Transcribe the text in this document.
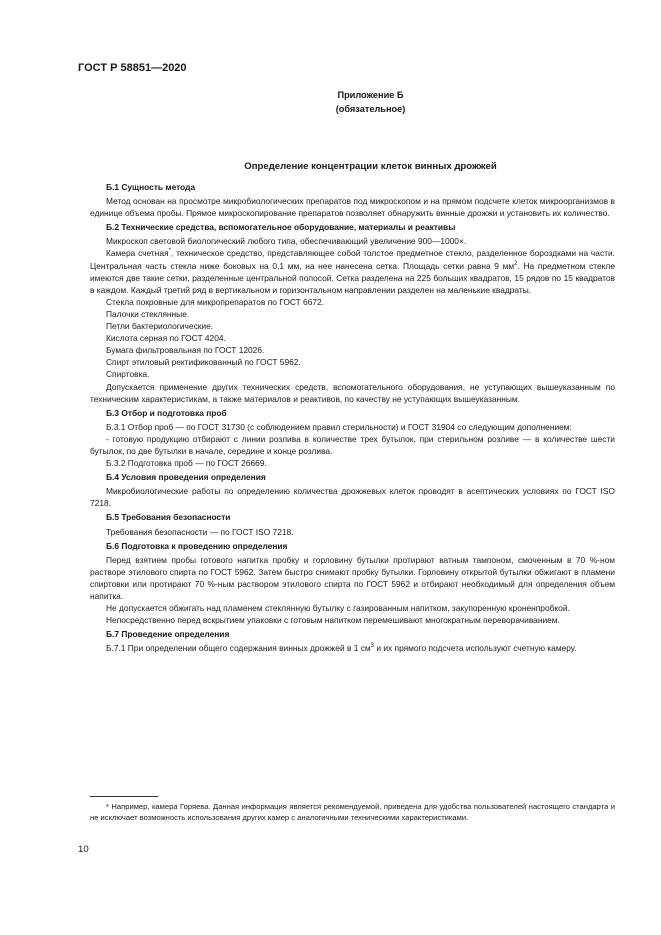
ГОСТ Р 58851—2020
Приложение Б
(обязательное)
Определение концентрации клеток винных дрожжей

Б.1 Сущность метода

Метод основан на просмотре микробиологических препаратов под микроскопом и на прямом подсчете клеток микроорганизмов в единице объема пробы. Прямое микроскопирование препаратов позволяет обнаружить винные дрожжи и установить их количество.

Б.2 Технические средства, вспомогательное оборудование, материалы и реактивы

Микроскоп световой биологический любого типа, обеспечивающий увеличение 900—1000×.

Камера счетная*, техническое средство, представляющее собой толстое предметное стекло, разделенное бороздками на части. Центральная часть стекла ниже боковых на 0,1 мм, на нее нанесена сетка. Площадь сетки равна 9 $мм^2$. На предметном стекле имеются две такие сетки, разделенные центральной полосой. Сетка разделена на 225 больших квадратов, 15 рядов по 15 квадратов в каждом. Каждый третий ряд в вертикальном и горизонтальном направлении разделен на маленькие квадраты.

Стекла покровные для микропрепаратов по ГОСТ 6672.

Палочки стеклянные.

Петли бактериологические.

Кислота серная по ГОСТ 4204.

Бумага фильтровальная по ГОСТ 12026.

Спирт этиловый ректификованный по ГОСТ 5962.

Спиртовка.

Допускается применение других технических средств, вспомогательного оборудования, не уступающих вышеуказанным по техническим характеристикам, а также материалов и реактивов, по качеству не уступающих вышеуказанным.

Б.3 Отбор и подготовка проб

Б.3.1 Отбор проб — по ГОСТ 31730 (с соблюдением правил стерильности) и ГОСТ 31904 со следующим дополнением:

- готовую продукцию отбирают с линии розлива в количестве трех бутылок, при стерильном розливе — в количестве шести бутылок, по две бутылки в начале, середине и конце розлива.

Б.3.2 Подготовка проб — по ГОСТ 26669.

Б.4 Условия проведения определения

Микробиологические работы по определению количества дрожжевых клеток проводят в асептических условиях по ГОСТ ISO 7218.

Б.5 Требования безопасности

Требования безопасности — по ГОСТ ISO 7218.

Б.6 Подготовка к проведению определения

Перед взятием пробы готового напитка пробку и горловину бутылки протирают ватным тампоном, смоченным в 70 %-ном растворе этилового спирта по ГОСТ 5962. Затем быстро снимают пробку бутылки. Горловину открытой бутылки обжигают в пламени спиртовки или протирают 70 %-ным раствором этилового спирта по ГОСТ 5962 и отбирают необходимый для определения объем напитка.

Не допускается обжигать над пламенем стеклянную бутылку с газированным напитком, закупоренную кроненпробкой.

Непосредственно перед вскрытием упаковки с готовым напитком перемешивают многократным переворачиванием.

Б.7 Проведение определения

Б.7.1 При определении общего содержания винных дрожжей в 1 $см^3$ и их прямого подсчета используют счетную камеру.

* Например, камера Горяева. Данная информация является рекомендуемой, приведена для удобства пользователей настоящего стандарта и не исключает возможность использования других камер с аналогичными техническими характеристиками.
10
